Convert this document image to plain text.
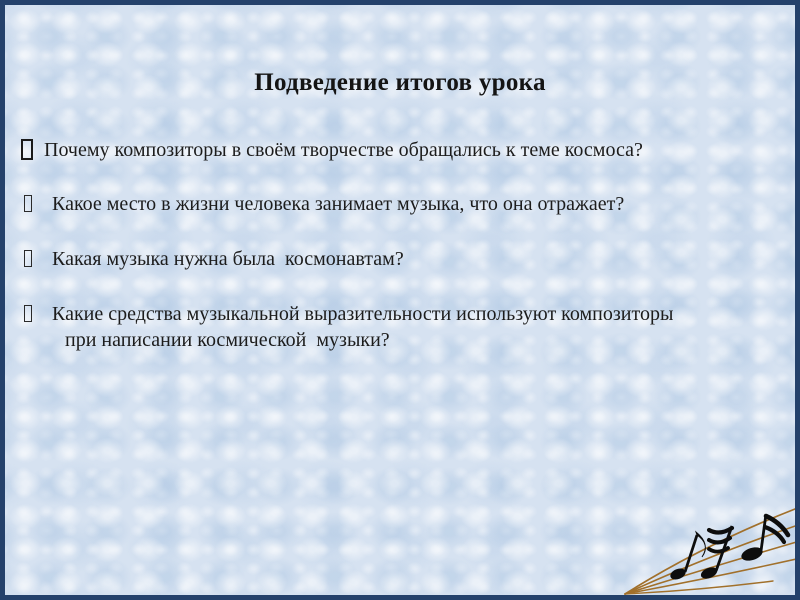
Подведение итогов урока
Почему композиторы в своём творчестве обращались к теме космоса?
Какое место в жизни человека занимает музыка, что она отражает?
Какая музыка нужна была  космонавтам?
Какие средства музыкальной выразительности используют композиторы
при написании космической  музыки?
